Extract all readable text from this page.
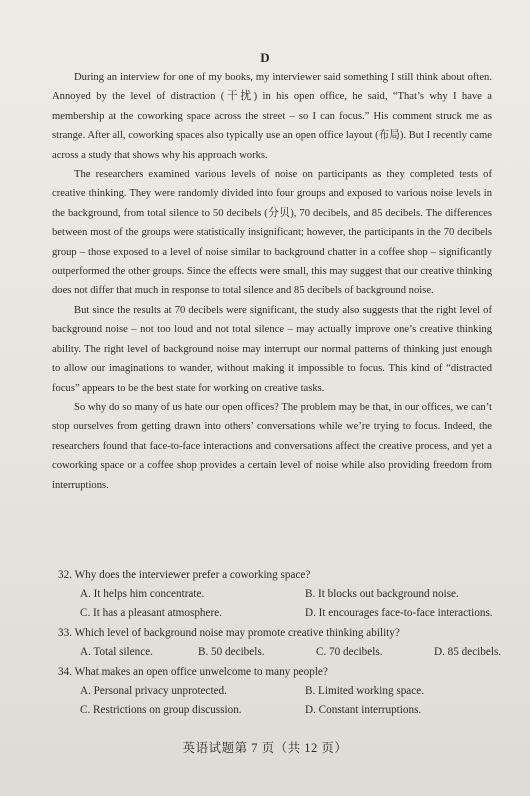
D

During an interview for one of my books, my interviewer said something I still think about often. Annoyed by the level of distraction (干扰) in his open office, he said, “That’s why I have a membership at the coworking space across the street – so I can focus.” His comment struck me as strange. After all, coworking spaces also typically use an open office layout (布局). But I recently came across a study that shows why his approach works.

The researchers examined various levels of noise on participants as they completed tests of creative thinking. They were randomly divided into four groups and exposed to various noise levels in the background, from total silence to 50 decibels (分贝), 70 decibels, and 85 decibels. The differences between most of the groups were statistically insignificant; however, the participants in the 70 decibels group – those exposed to a level of noise similar to background chatter in a coffee shop – significantly outperformed the other groups. Since the effects were small, this may suggest that our creative thinking does not differ that much in response to total silence and 85 decibels of background noise.

But since the results at 70 decibels were significant, the study also suggests that the right level of background noise – not too loud and not total silence – may actually improve one’s creative thinking ability. The right level of background noise may interrupt our normal patterns of thinking just enough to allow our imaginations to wander, without making it impossible to focus. This kind of “distracted focus” appears to be the best state for working on creative tasks.

So why do so many of us hate our open offices? The problem may be that, in our offices, we can’t stop ourselves from getting drawn into others’ conversations while we’re trying to focus. Indeed, the researchers found that face-to-face interactions and conversations affect the creative process, and yet a coworking space or a coffee shop provides a certain level of noise while also providing freedom from interruptions.

32. Why does the interviewer prefer a coworking space?

A. It helps him concentrate.	B. It blocks out background noise.
C. It has a pleasant atmosphere.	D. It encourages face-to-face interactions.

33. Which level of background noise may promote creative thinking ability?

A. Total silence.	B. 50 decibels.	C. 70 decibels.	D. 85 decibels.

34. What makes an open office unwelcome to many people?

A. Personal privacy unprotected.	B. Limited working space.
C. Restrictions on group discussion.	D. Constant interruptions.
英语试题第 7 页（共 12 页）
